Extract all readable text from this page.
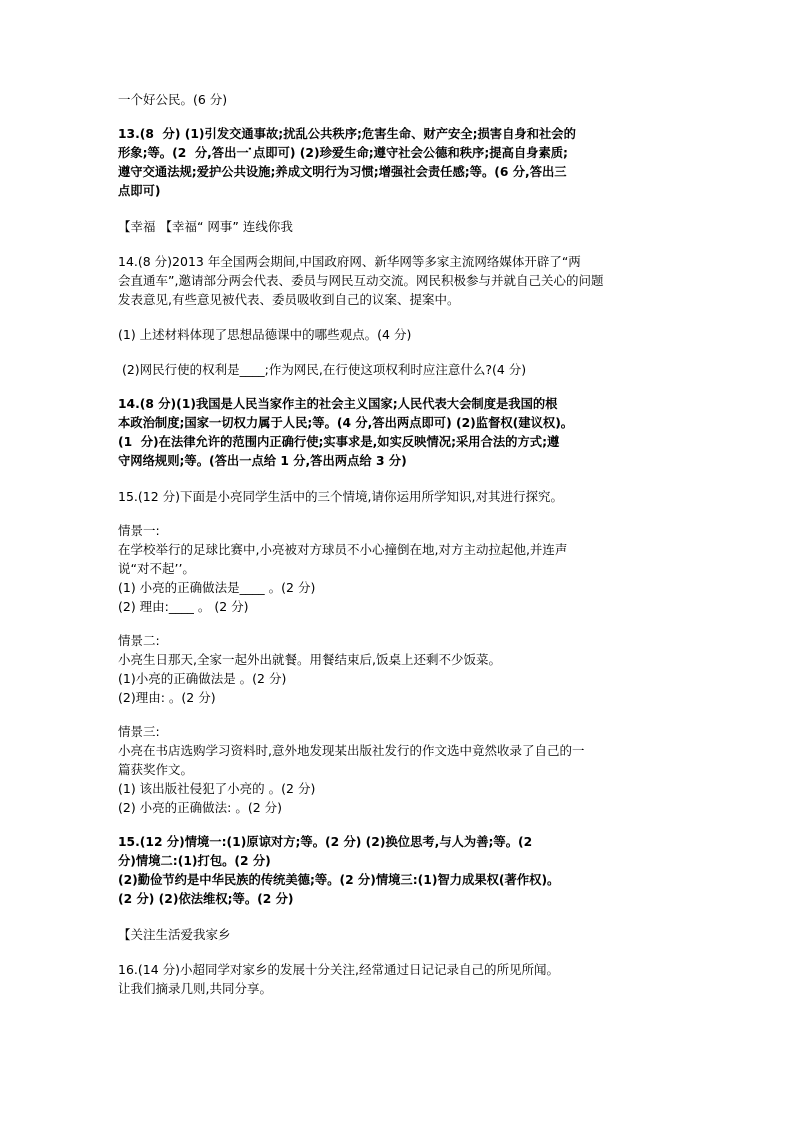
一个好公民。(6 分)
13.(8  分) (1)引发交通事故;扰乱公共秩序;危害生命、财产安全;损害自身和社会的
形象;等。(2  分,答出一 ̇点即可) (2)珍爱生命;遵守社会公德和秩序;提高自身素质;
遵守交通法规;爱护公共设施;养成文明行为习惯;增强社会责任感;等。(6 分,答出三
点即可)
【幸福 【幸福“ 网事” 连线你我
14.(8 分)2013 年全国两会期间,中国政府网、新华网等多家主流网络媒体开辟了“两
会直通车”,邀请部分两会代表、委员与网民互动交流。网民积极参与并就自己关心的问题
发表意见,有些意见被代表、委员吸收到自己的议案、提案中。
(1) 上述材料体现了思想品德课中的哪些观点。(4 分)
(2)网民行使的权利是____;作为网民,在行使这项权利时应注意什么?(4 分)
14.(8 分)(1)我国是人民当家作主的社会主义国家;人民代表大会制度是我国的根
本政治制度;国家一切权力属于人民;等。(4 分,答出两点即可) (2)监督权(建议权)。
(1  分)在法律允许的范围内正确行使;实事求是,如实反映情况;采用合法的方式;遵
守网络规则;等。(答出一点给 1 分,答出两点给 3 分)
15.(12 分)下面是小亮同学生活中的三个情境,请你运用所学知识,对其进行探究。
情景一:
在学校举行的足球比赛中,小亮被对方球员不小心撞倒在地,对方主动拉起他,并连声
说“对不起’’。
(1) 小亮的正确做法是____ 。(2 分)
(2) 理由:____ 。 (2 分)
情景二:
小亮生日那天,全家一起外出就餐。用餐结束后,饭桌上还剩不少饭菜。
(1)小亮的正确做法是 。(2 分)
(2)理由: 。(2 分)
情景三:
小亮在书店选购学习资料时,意外地发现某出版社发行的作文选中竟然收录了自己的一
篇获奖作文。
(1) 该出版社侵犯了小亮的 。(2 分)
(2) 小亮的正确做法: 。(2 分)
15.(12 分)情境一:(1)原谅对方;等。(2 分) (2)换位思考,与人为善;等。(2
分)情境二:(1)打包。(2 分)
(2)勤俭节约是中华民族的传统美德;等。(2 分)情境三:(1)智力成果权(著作权)。
(2 分) (2)依法维权;等。(2 分)
【关注生活爱我家乡
16.(14 分)小超同学对家乡的发展十分关注,经常通过日记记录自己的所见所闻。
让我们摘录几则,共同分享。
